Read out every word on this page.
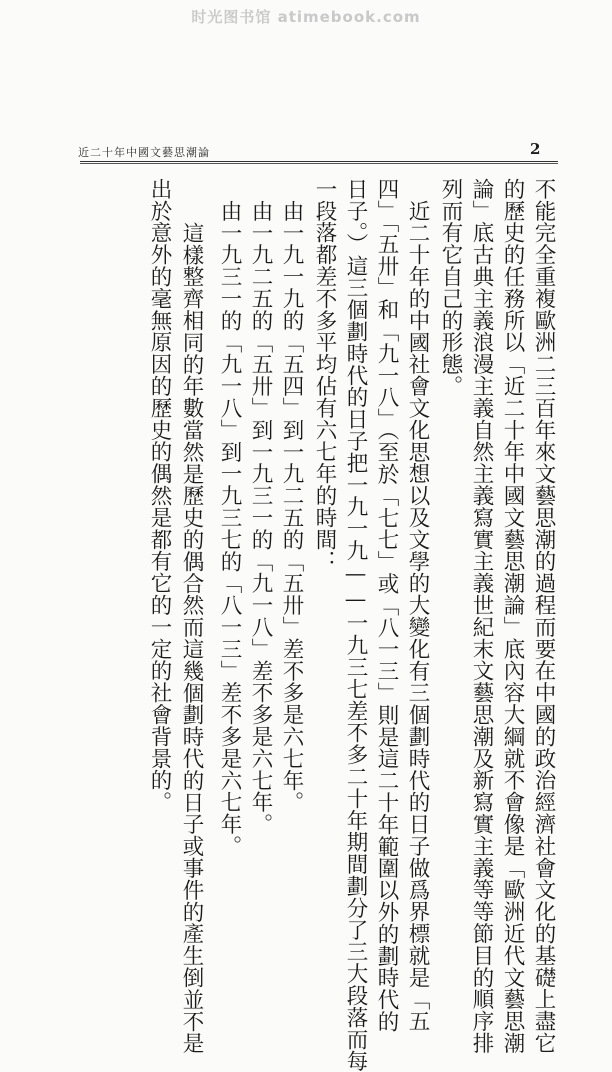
时光图书馆 atimebook.com
近二十年中國文藝思潮論	2
不能完全重複歐洲二三百年來文藝思潮的過程而要在中國的政治經濟社會文化的基礎上盡它
的歷史的任務所以「近二十年中國文藝思潮論」底內容大綱就不會像是「歐洲近代文藝思潮
論」底古典主義浪漫主義自然主義寫實主義世紀末文藝思潮及新寫實主義等等節目的順序排
列而有它自己的形態。
近二十年的中國社會文化思想以及文學的大變化有三個劃時代的日子做爲界標就是「五
四」「五卅」和「九一八」（至於「七七」或「八一三」則是這二十年範圍以外的劃時代的
日子。）這三個劃時代的日子把一九一九——一九三七差不多二十年期間劃分了三大段落而每
一段落都差不多平均佔有六七年的時間：
由一九一九的「五四」到一九二五的「五卅」差不多是六七年。
由一九二五的「五卅」到一九三一的「九一八」差不多是六七年。
由一九三一的「九一八」到一九三七的「八一三」差不多是六七年。
這樣整齊相同的年數當然是歷史的偶合然而這幾個劃時代的日子或事件的產生倒並不是
出於意外的毫無原因的歷史的偶然是都有它的一定的社會背景的。
